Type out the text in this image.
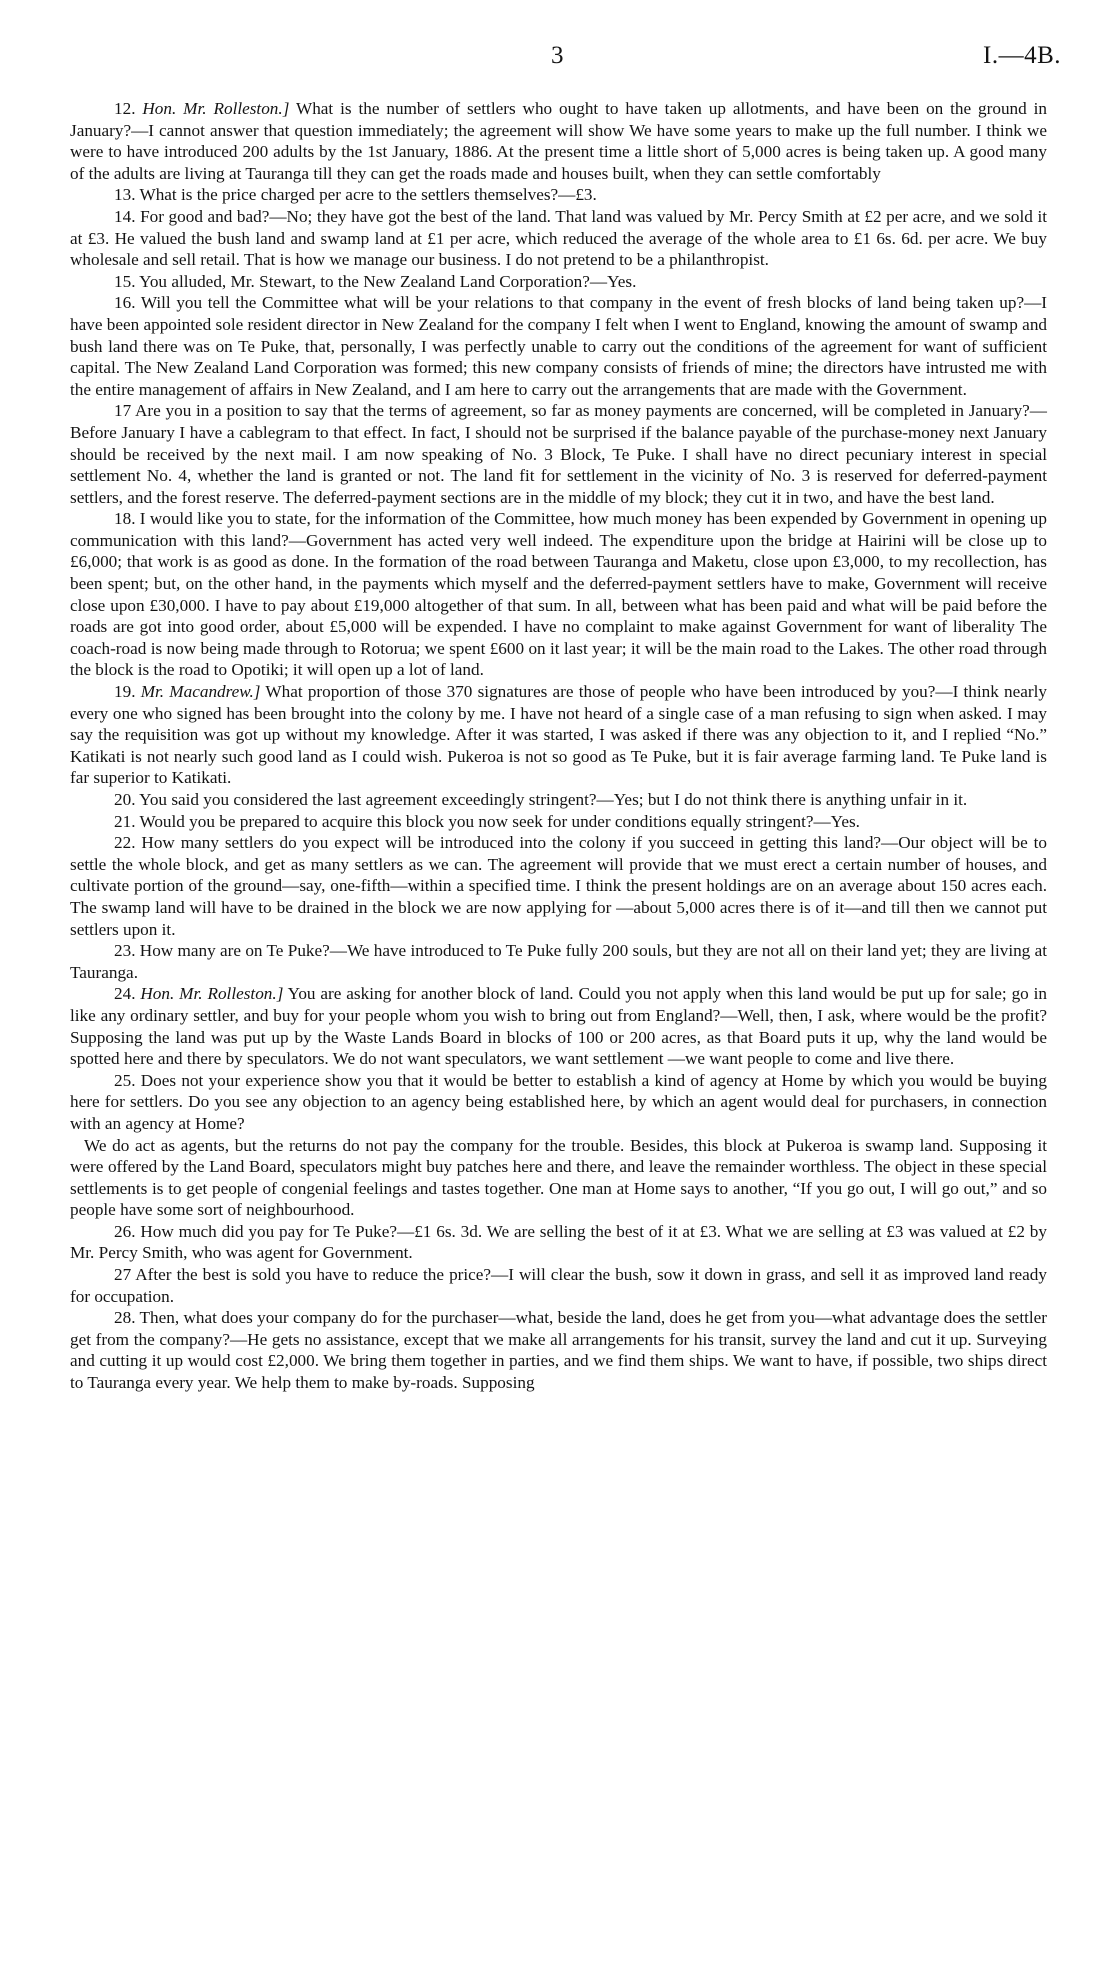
3	I.—4B.

12. Hon. Mr. Rolleston.] What is the number of settlers who ought to have taken up allotments, and have been on the ground in January?—I cannot answer that question immediately; the agreement will show We have some years to make up the full number. I think we were to have introduced 200 adults by the 1st January, 1886. At the present time a little short of 5,000 acres is being taken up. A good many of the adults are living at Tauranga till they can get the roads made and houses built, when they can settle comfortably

13. What is the price charged per acre to the settlers themselves?—£3.

14. For good and bad?—No; they have got the best of the land. That land was valued by Mr. Percy Smith at £2 per acre, and we sold it at £3. He valued the bush land and swamp land at £1 per acre, which reduced the average of the whole area to £1 6s. 6d. per acre. We buy wholesale and sell retail. That is how we manage our business. I do not pretend to be a philanthropist.

15. You alluded, Mr. Stewart, to the New Zealand Land Corporation?—Yes.

16. Will you tell the Committee what will be your relations to that company in the event of fresh blocks of land being taken up?—I have been appointed sole resident director in New Zealand for the company I felt when I went to England, knowing the amount of swamp and bush land there was on Te Puke, that, personally, I was perfectly unable to carry out the conditions of the agreement for want of sufficient capital. The New Zealand Land Corporation was formed; this new company consists of friends of mine; the directors have intrusted me with the entire management of affairs in New Zealand, and I am here to carry out the arrangements that are made with the Government.

17 Are you in a position to say that the terms of agreement, so far as money payments are concerned, will be completed in January?—Before January I have a cablegram to that effect. In fact, I should not be surprised if the balance payable of the purchase-money next January should be received by the next mail. I am now speaking of No. 3 Block, Te Puke. I shall have no direct pecuniary interest in special settlement No. 4, whether the land is granted or not. The land fit for settlement in the vicinity of No. 3 is reserved for deferred-payment settlers, and the forest reserve. The deferred-payment sections are in the middle of my block; they cut it in two, and have the best land.

18. I would like you to state, for the information of the Committee, how much money has been expended by Government in opening up communication with this land?—Government has acted very well indeed. The expenditure upon the bridge at Hairini will be close up to £6,000; that work is as good as done. In the formation of the road between Tauranga and Maketu, close upon £3,000, to my recollection, has been spent; but, on the other hand, in the payments which myself and the deferred-payment settlers have to make, Government will receive close upon £30,000. I have to pay about £19,000 altogether of that sum. In all, between what has been paid and what will be paid before the roads are got into good order, about £5,000 will be expended. I have no complaint to make against Government for want of liberality The coach-road is now being made through to Rotorua; we spent £600 on it last year; it will be the main road to the Lakes. The other road through the block is the road to Opotiki; it will open up a lot of land.

19. Mr. Macandrew.] What proportion of those 370 signatures are those of people who have been introduced by you?—I think nearly every one who signed has been brought into the colony by me. I have not heard of a single case of a man refusing to sign when asked. I may say the requisition was got up without my knowledge. After it was started, I was asked if there was any objection to it, and I replied “No.” Katikati is not nearly such good land as I could wish. Pukeroa is not so good as Te Puke, but it is fair average farming land. Te Puke land is far superior to Katikati.

20. You said you considered the last agreement exceedingly stringent?—Yes; but I do not think there is anything unfair in it.

21. Would you be prepared to acquire this block you now seek for under conditions equally stringent?—Yes.

22. How many settlers do you expect will be introduced into the colony if you succeed in getting this land?—Our object will be to settle the whole block, and get as many settlers as we can. The agreement will provide that we must erect a certain number of houses, and cultivate portion of the ground—say, one-fifth—within a specified time. I think the present holdings are on an average about 150 acres each. The swamp land will have to be drained in the block we are now applying for —about 5,000 acres there is of it—and till then we cannot put settlers upon it.

23. How many are on Te Puke?—We have introduced to Te Puke fully 200 souls, but they are not all on their land yet; they are living at Tauranga.

24. Hon. Mr. Rolleston.] You are asking for another block of land. Could you not apply when this land would be put up for sale; go in like any ordinary settler, and buy for your people whom you wish to bring out from England?—Well, then, I ask, where would be the profit? Supposing the land was put up by the Waste Lands Board in blocks of 100 or 200 acres, as that Board puts it up, why the land would be spotted here and there by speculators. We do not want speculators, we want settlement —we want people to come and live there.

25. Does not your experience show you that it would be better to establish a kind of agency at Home by which you would be buying here for settlers. Do you see any objection to an agency being established here, by which an agent would deal for purchasers, in connection with an agency at Home?

We do act as agents, but the returns do not pay the company for the trouble. Besides, this block at Pukeroa is swamp land. Supposing it were offered by the Land Board, speculators might buy patches here and there, and leave the remainder worthless. The object in these special settlements is to get people of congenial feelings and tastes together. One man at Home says to another, “If you go out, I will go out,” and so people have some sort of neighbourhood.

26. How much did you pay for Te Puke?—£1 6s. 3d. We are selling the best of it at £3. What we are selling at £3 was valued at £2 by Mr. Percy Smith, who was agent for Government.

27 After the best is sold you have to reduce the price?—I will clear the bush, sow it down in grass, and sell it as improved land ready for occupation.

28. Then, what does your company do for the purchaser—what, beside the land, does he get from you—what advantage does the settler get from the company?—He gets no assistance, except that we make all arrangements for his transit, survey the land and cut it up. Surveying and cutting it up would cost £2,000. We bring them together in parties, and we find them ships. We want to have, if possible, two ships direct to Tauranga every year. We help them to make by-roads. Supposing
